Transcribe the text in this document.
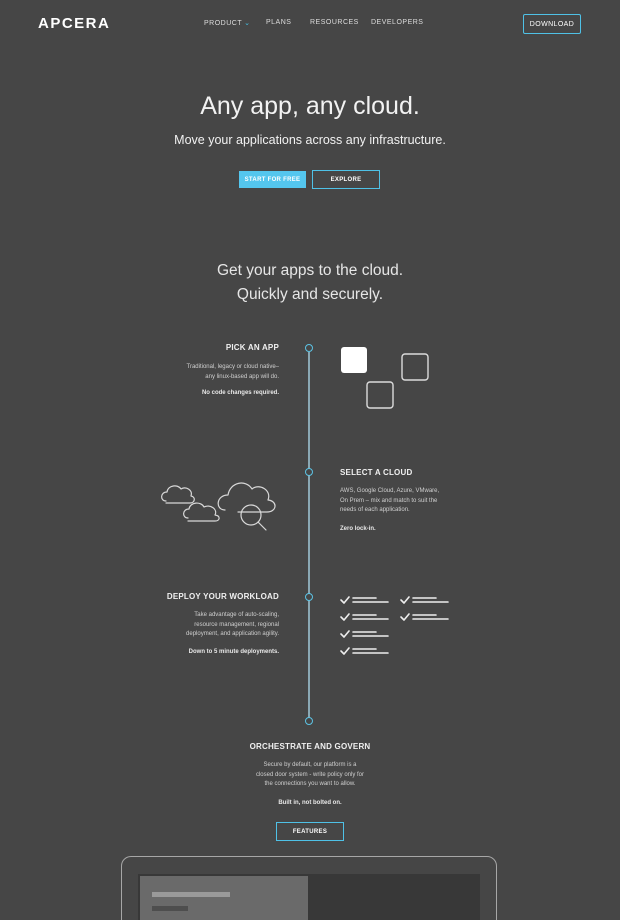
APCERA	PRODUCT ⌄ PLANS	RESOURCES DEVELOPERS	DOWNLOAD
Any app, any cloud.
Move your applications across any infrastructure.
START FOR FREE	EXPLORE
Get your apps to the cloud.
Quickly and securely.
PICK AN APP
Traditional, legacy or cloud native–
any linux-based app will do.
No code changes required.
SELECT A CLOUD
AWS, Google Cloud, Azure, VMware,
On Prem – mix and match to suit the
needs of each application.
Zero lock-in.
DEPLOY YOUR WORKLOAD
Take advantage of auto-scaling,
resource management, regional
deployment, and application agility.
Down to 5 minute deployments.
ORCHESTRATE AND GOVERN
Secure by default, our platform is a
closed door system - write policy only for
the connections you want to allow.
Built in, not bolted on.
FEATURES
